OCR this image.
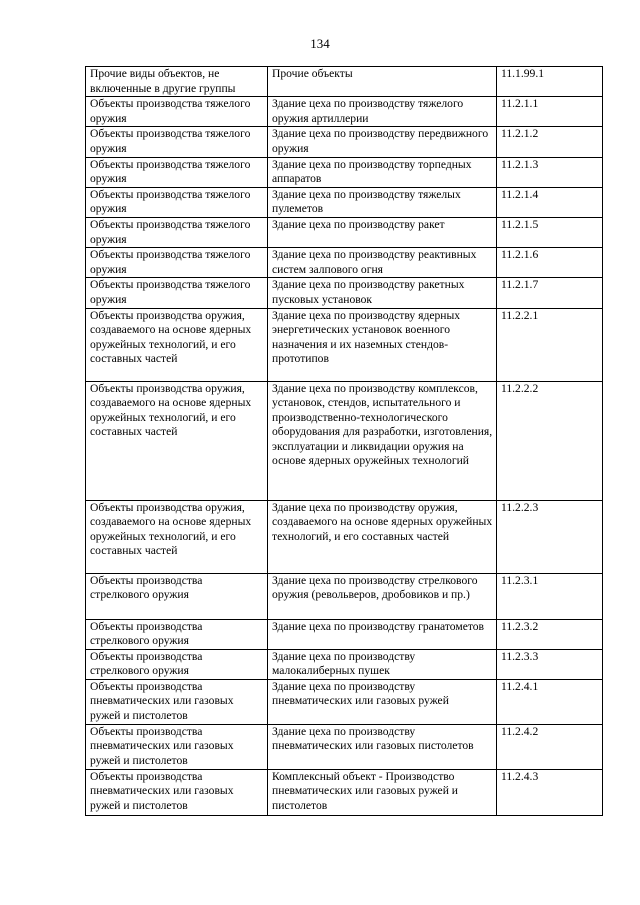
134
Прочие виды объектов, не включенные в другие группы	Прочие объекты	11.1.99.1
Объекты производства тяжелого оружия	Здание цеха по производству тяжелого оружия артиллерии	11.2.1.1
Объекты производства тяжелого оружия	Здание цеха по производству передвижного оружия	11.2.1.2
Объекты производства тяжелого оружия	Здание цеха по производству торпедных аппаратов	11.2.1.3
Объекты производства тяжелого оружия	Здание цеха по производству тяжелых пулеметов	11.2.1.4
Объекты производства тяжелого оружия	Здание цеха по производству ракет	11.2.1.5
Объекты производства тяжелого оружия	Здание цеха по производству реактивных систем залпового огня	11.2.1.6
Объекты производства тяжелого оружия	Здание цеха по производству ракетных пусковых установок	11.2.1.7
Объекты производства оружия, создаваемого на основе ядерных оружейных технологий, и его составных частей	Здание цеха по производству ядерных энергетических установок военного назначения и их наземных стендов-прототипов	11.2.2.1
Объекты производства оружия, создаваемого на основе ядерных оружейных технологий, и его составных частей	Здание цеха по производству комплексов, установок, стендов, испытательного и производственно-технологического оборудования для разработки, изготовления, эксплуатации и ликвидации оружия на основе ядерных оружейных технологий	11.2.2.2
Объекты производства оружия, создаваемого на основе ядерных оружейных технологий, и его составных частей	Здание цеха по производству оружия, создаваемого на основе ядерных оружейных технологий, и его составных частей	11.2.2.3
Объекты производства стрелкового оружия	Здание цеха по производству стрелкового оружия (револьверов, дробовиков и пр.)	11.2.3.1
Объекты производства стрелкового оружия	Здание цеха по производству гранатометов	11.2.3.2
Объекты производства стрелкового оружия	Здание цеха по производству малокалиберных пушек	11.2.3.3
Объекты производства пневматических или газовых ружей и пистолетов	Здание цеха по производству пневматических или газовых ружей	11.2.4.1
Объекты производства пневматических или газовых ружей и пистолетов	Здание цеха по производству пневматических или газовых пистолетов	11.2.4.2
Объекты производства пневматических или газовых ружей и пистолетов	Комплексный объект - Производство пневматических или газовых ружей и пистолетов	11.2.4.3
